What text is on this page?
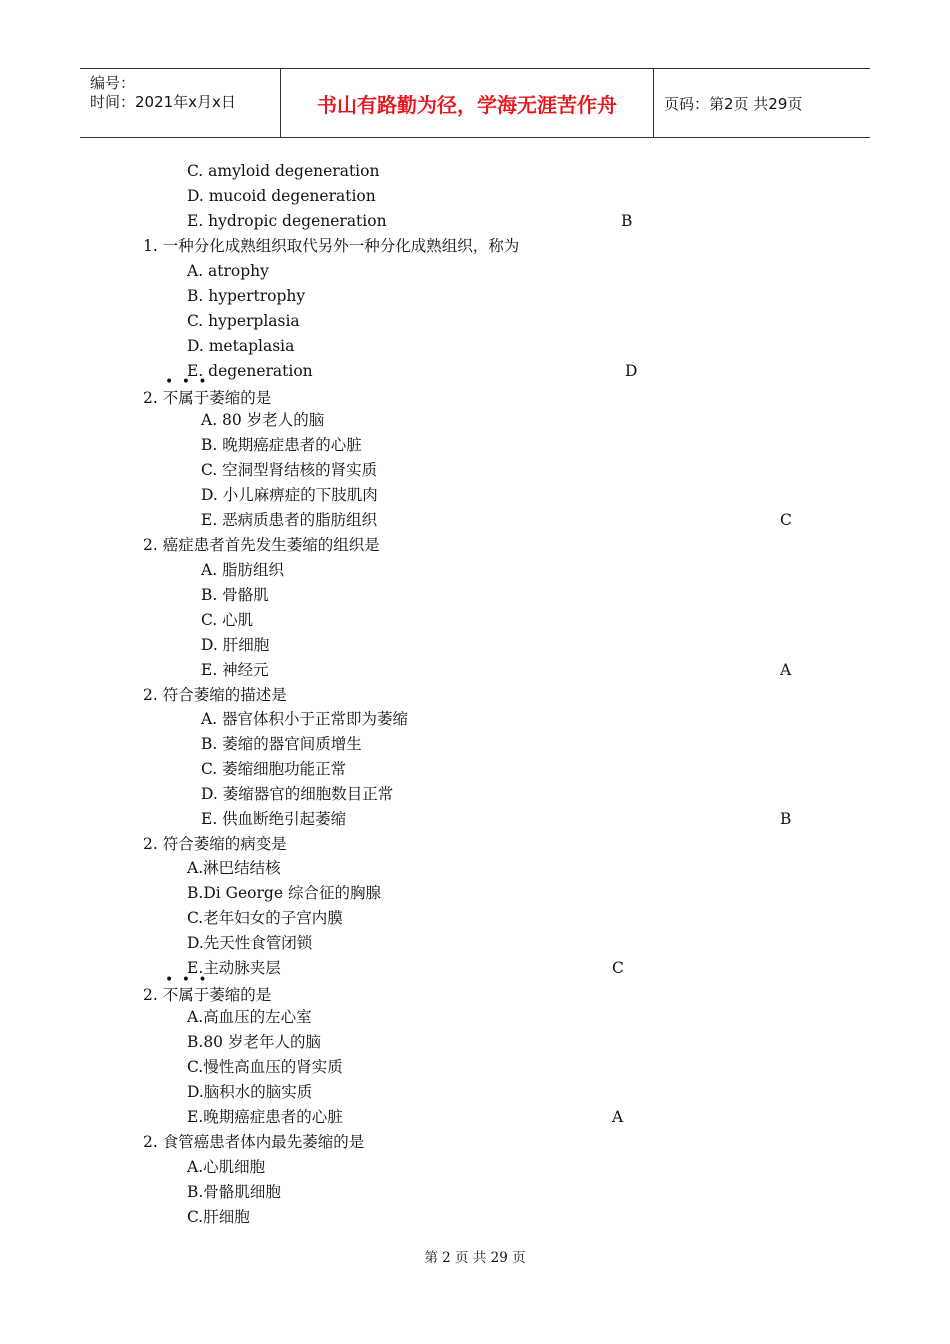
编号：
时间：2021年x月x日	书山有路勤为径，学海无涯苦作舟	页码：第2页 共29页
C. amyloid degeneration
D. mucoid degeneration
E. hydropic degeneration
1. 一种分化成熟组织取代另外一种分化成熟组织，称为
A. atrophy
B. hypertrophy
C. hyperplasia
D. metaplasia
E. degeneration
2. 不属于萎缩的是
A. 80 岁老人的脑
B. 晚期癌症患者的心脏
C. 空洞型肾结核的肾实质
D. 小儿麻痹症的下肢肌肉
E. 恶病质患者的脂肪组织
2. 癌症患者首先发生萎缩的组织是
A. 脂肪组织
B. 骨骼肌
C. 心肌
D. 肝细胞
E. 神经元
2. 符合萎缩的描述是
A. 器官体积小于正常即为萎缩
B. 萎缩的器官间质增生
C. 萎缩细胞功能正常
D. 萎缩器官的细胞数目正常
E. 供血断绝引起萎缩
2. 符合萎缩的病变是
A.淋巴结结核
B.Di George 综合征的胸腺
C.老年妇女的子宫内膜
D.先天性食管闭锁
E.主动脉夹层
2. 不属于萎缩的是
A.高血压的左心室
B.80 岁老年人的脑
C.慢性高血压的肾实质
D.脑积水的脑实质
E.晚期癌症患者的心脏
2. 食管癌患者体内最先萎缩的是
A.心肌细胞
B.骨骼肌细胞
C.肝细胞
B
D
C
A
B
C
A
• • •
• • •
第 2 页 共 29 页
